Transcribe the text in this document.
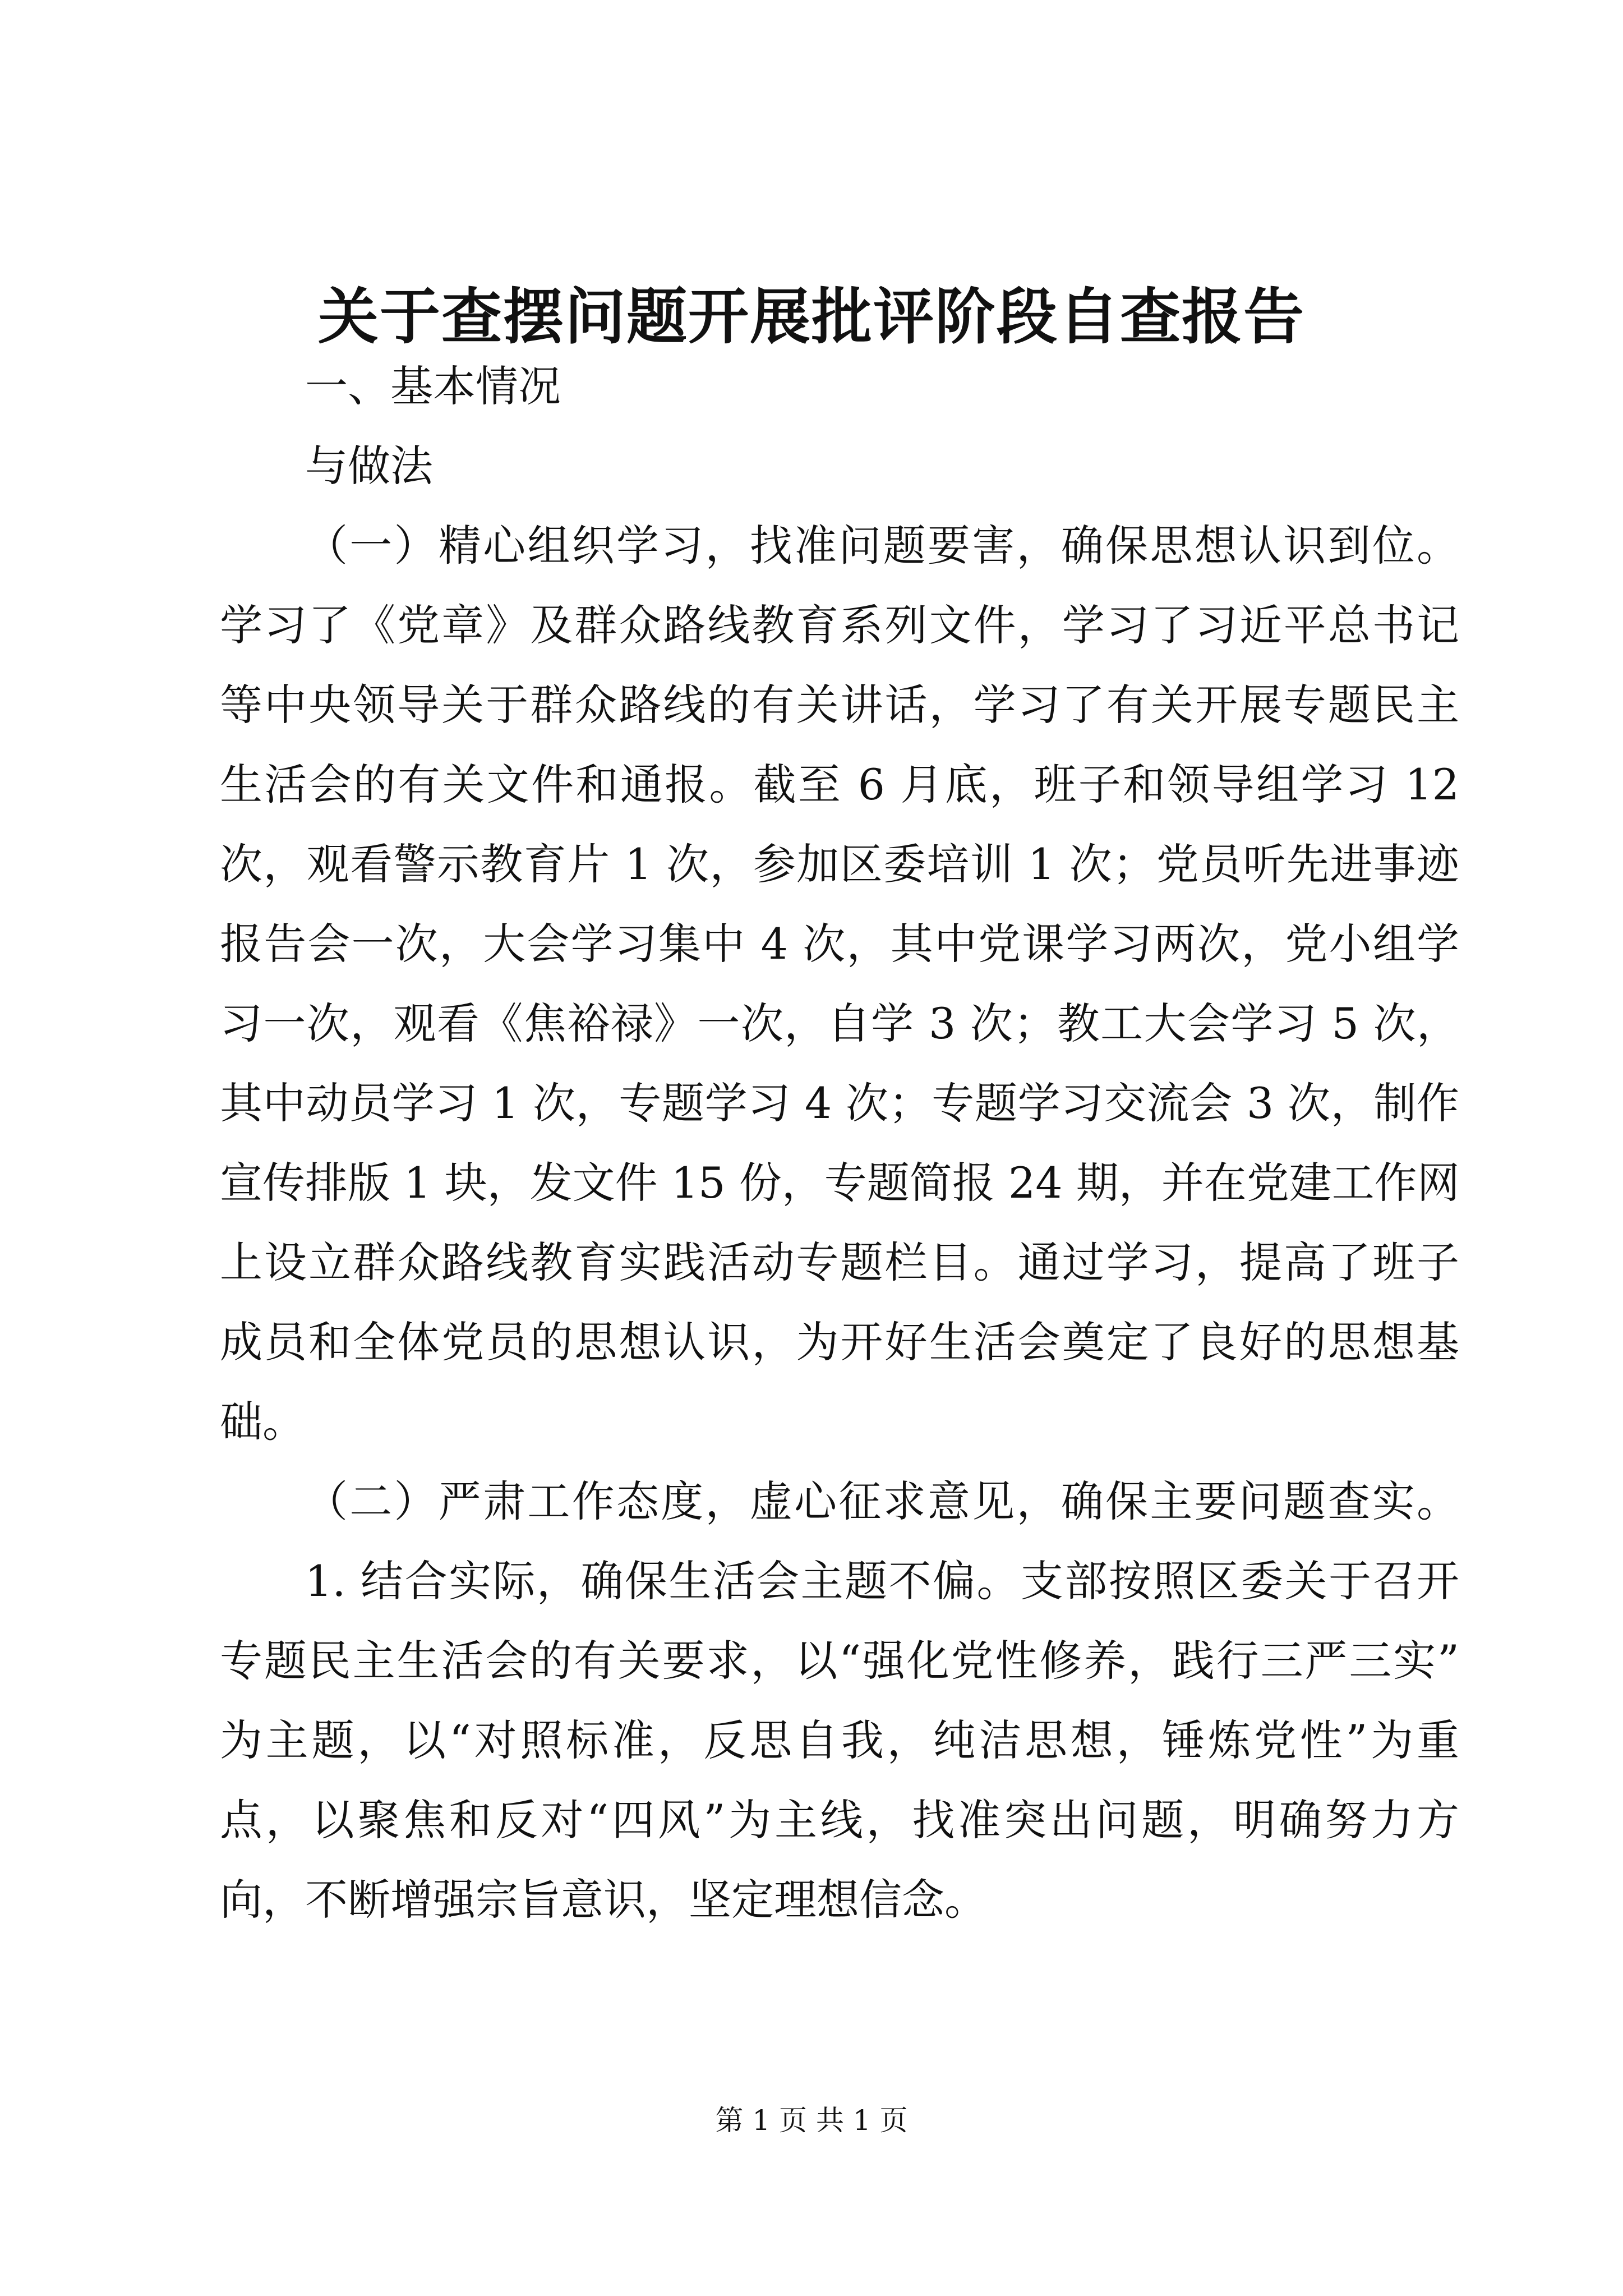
关于查摆问题开展批评阶段自查报告
一、基本情况
与做法
（一）精心组织学习，找准问题要害，确保思想认识到位。
学习了《党章》及群众路线教育系列文件，学习了习近平总书记
等中央领导关于群众路线的有关讲话，学习了有关开展专题民主
生活会的有关文件和通报。截至 6 月底，班子和领导组学习 12
次，观看警示教育片 1 次，参加区委培训 1 次；党员听先进事迹
报告会一次，大会学习集中 4 次，其中党课学习两次，党小组学
习一次，观看《焦裕禄》一次，自学 3 次；教工大会学习 5 次，
其中动员学习 1 次，专题学习 4 次；专题学习交流会 3 次，制作
宣传排版 1 块，发文件 15 份，专题简报 24 期，并在党建工作网
上设立群众路线教育实践活动专题栏目。通过学习，提高了班子
成员和全体党员的思想认识，为开好生活会奠定了良好的思想基
础。
（二）严肃工作态度，虚心征求意见，确保主要问题查实。
1. 结合实际，确保生活会主题不偏。支部按照区委关于召开
专题民主生活会的有关要求，以“强化党性修养，践行三严三实”
为主题，以“对照标准，反思自我，纯洁思想，锤炼党性”为重
点，以聚焦和反对“四风”为主线，找准突出问题，明确努力方
向，不断增强宗旨意识，坚定理想信念。
第 1 页 共 1 页
